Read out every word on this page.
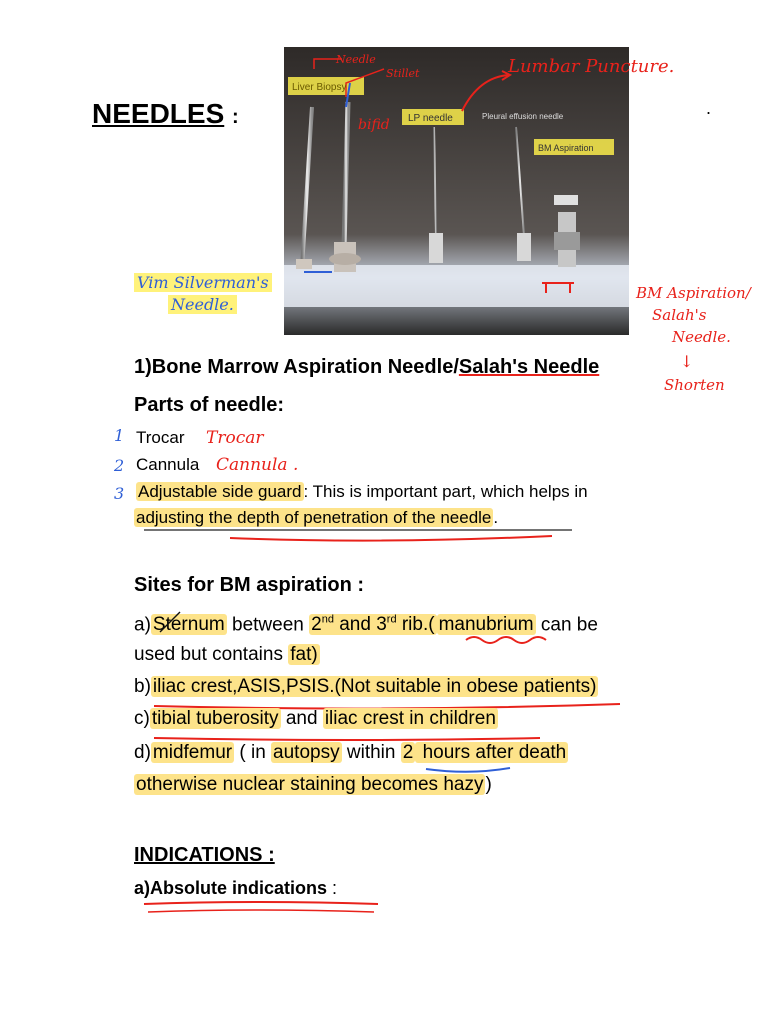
NEEDLES :	.
Liver Biopsy
LP needle	Pleural effusion needle
BM Aspiration
Needle
Stillet
bifid
Lumbar Puncture.
Vim Silverman's
Needle.
BM Aspiration/
Salah's
Needle.
↓
Shorten
1)Bone Marrow Aspiration Needle/Salah's Needle
Parts of needle:
1
2
3
Trocar Trocar
Cannula Cannula .
Adjustable side guard : This is important part, which helps in
adjusting the depth of penetration of the needle .
Sites for BM aspiration :
a) Sternum between 2nd and 3rd rib.( manubrium can be
used but contains fat)
b) iliac crest,ASIS,PSIS.(Not suitable in obese patients)
c) tibial tuberosity and iliac crest in children
d) midfemur ( in autopsy within 2 hours after death
otherwise nuclear staining becomes hazy )
INDICATIONS :
a)Absolute indications :
